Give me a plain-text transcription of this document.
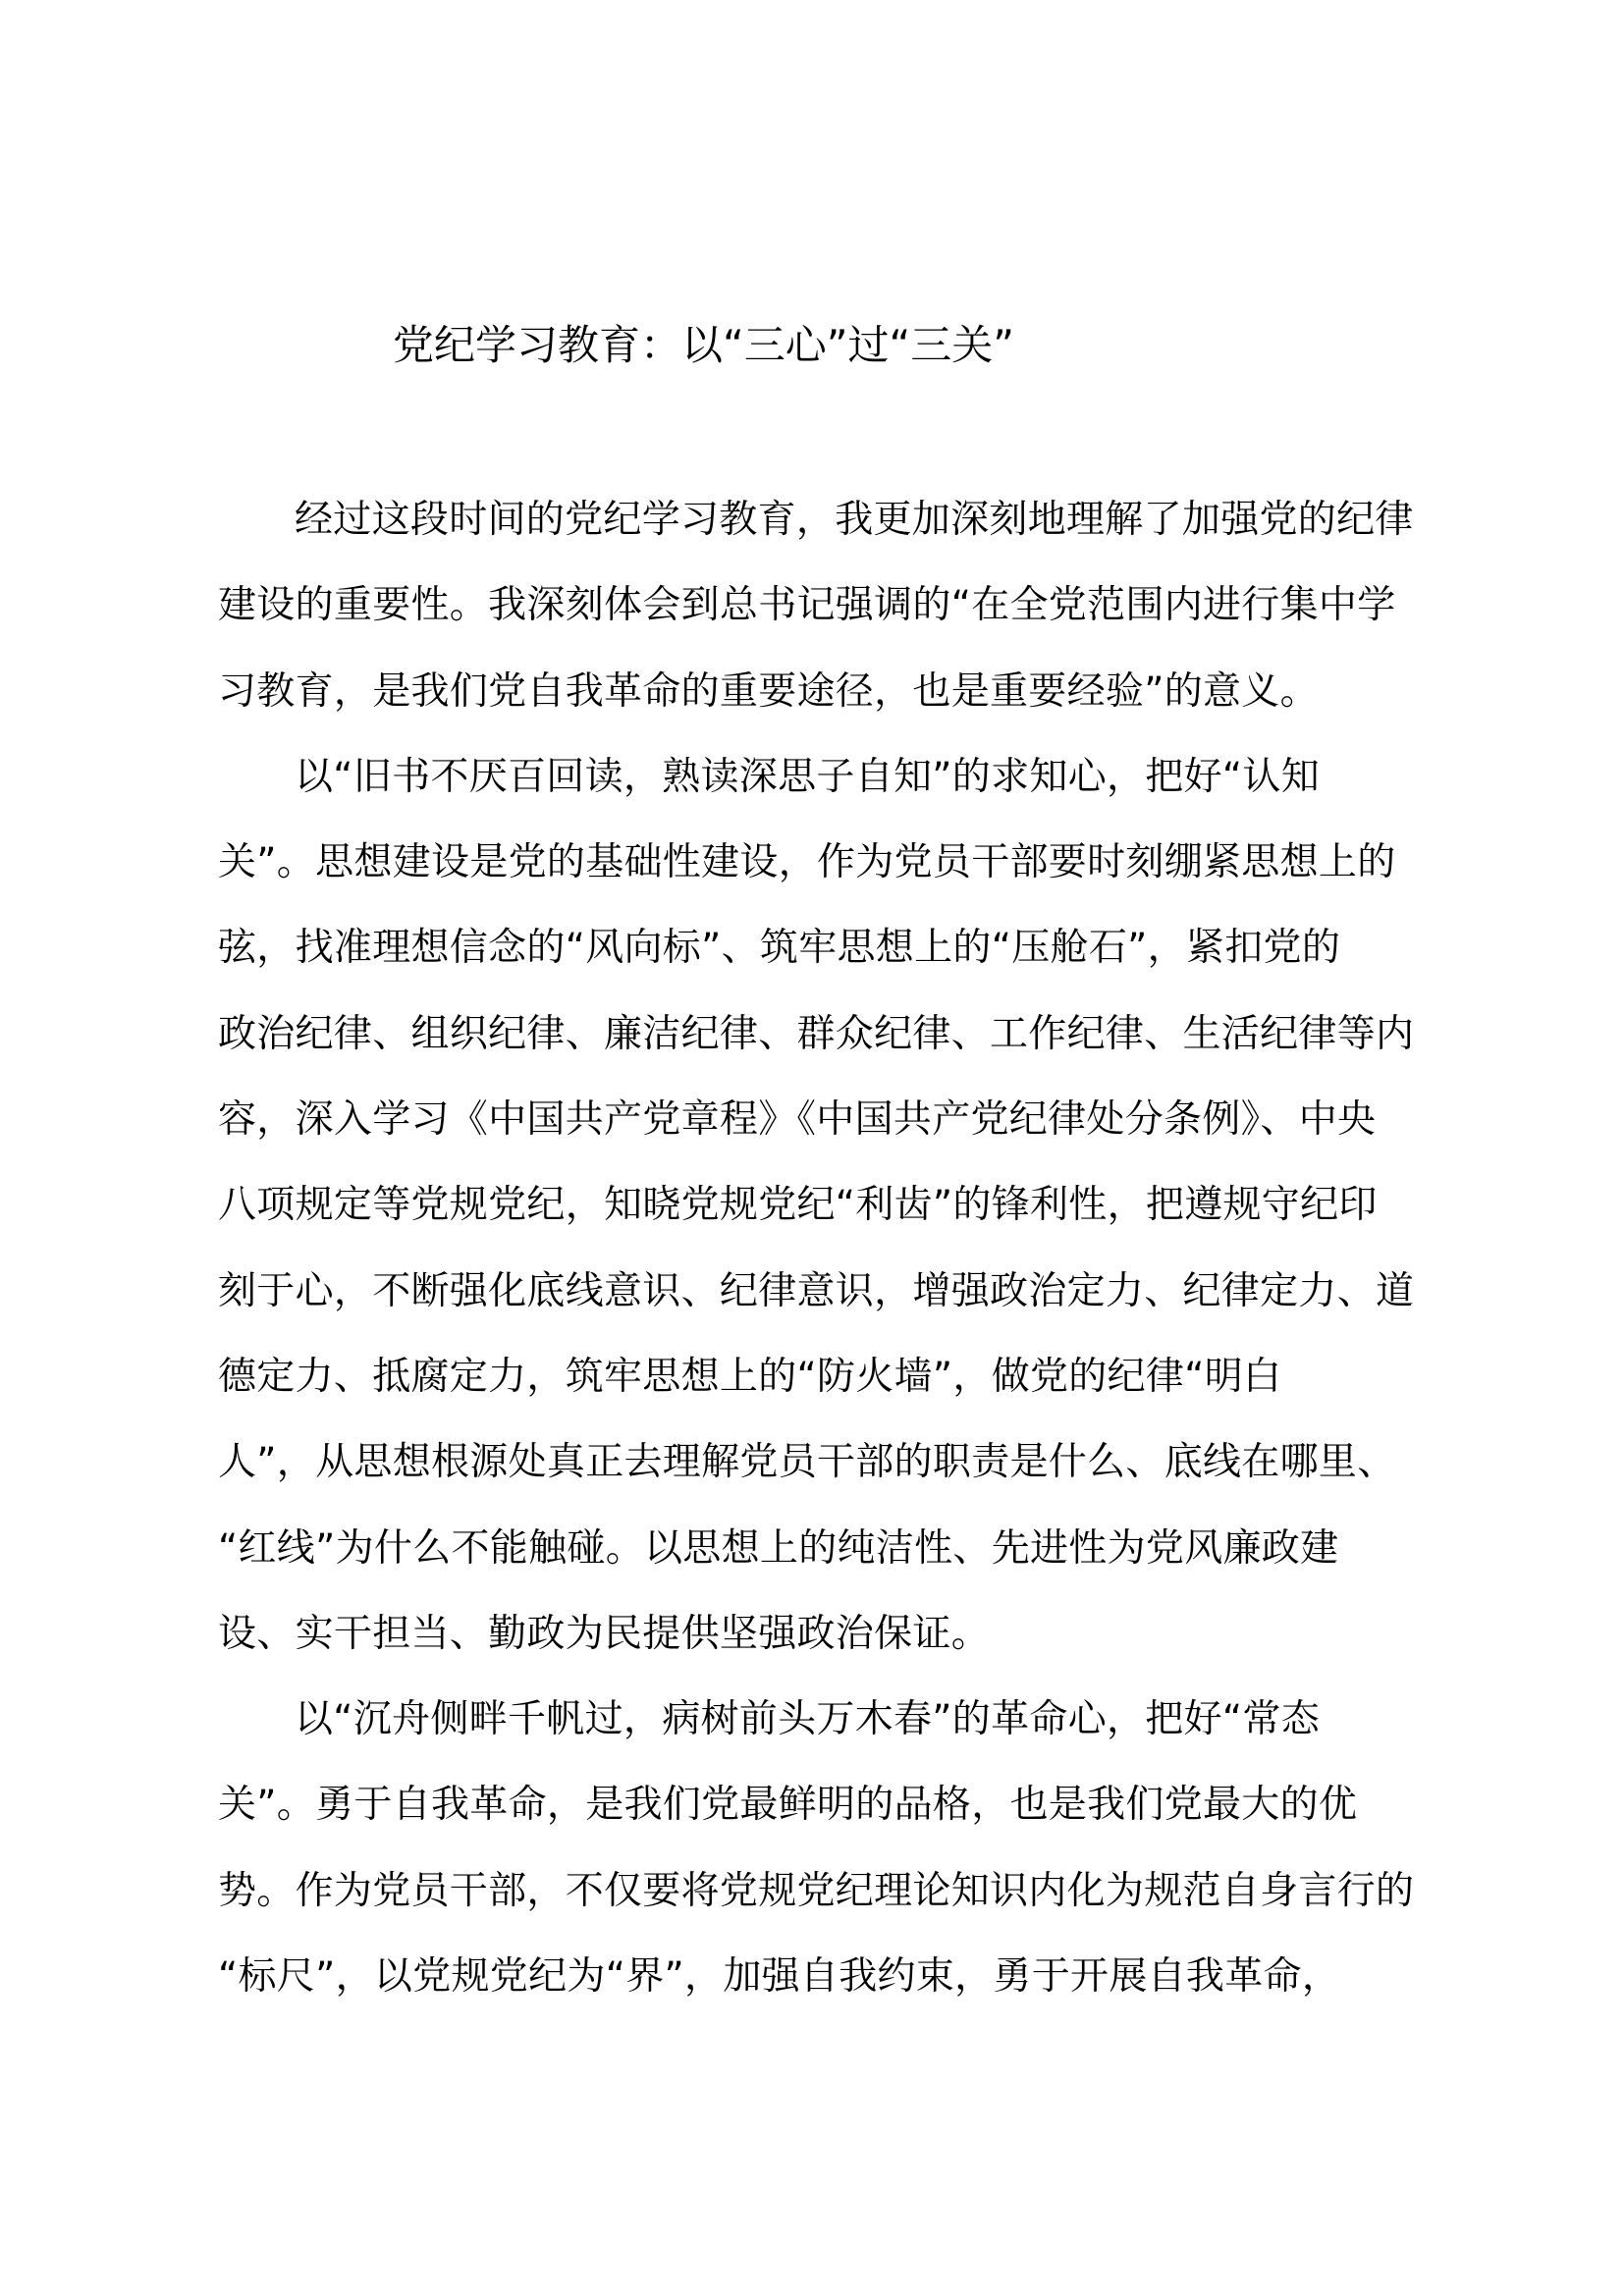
党纪学习教育：以“三心”过“三关”
经过这段时间的党纪学习教育，我更加深刻地理解了加强党的纪律
建设的重要性。我深刻体会到总书记强调的“在全党范围内进行集中学
习教育，是我们党自我革命的重要途径，也是重要经验”的意义。
以“旧书不厌百回读，熟读深思子自知”的求知心，把好“认知
关”。思想建设是党的基础性建设，作为党员干部要时刻绷紧思想上的
弦，找准理想信念的“风向标”、筑牢思想上的“压舱石”，紧扣党的
政治纪律、组织纪律、廉洁纪律、群众纪律、工作纪律、生活纪律等内
容，深入学习《中国共产党章程》《中国共产党纪律处分条例》、中央
八项规定等党规党纪，知晓党规党纪“利齿”的锋利性，把遵规守纪印
刻于心，不断强化底线意识、纪律意识，增强政治定力、纪律定力、道
德定力、抵腐定力，筑牢思想上的“防火墙”，做党的纪律“明白
人”，从思想根源处真正去理解党员干部的职责是什么、底线在哪里、
“红线”为什么不能触碰。以思想上的纯洁性、先进性为党风廉政建
设、实干担当、勤政为民提供坚强政治保证。
以“沉舟侧畔千帆过，病树前头万木春”的革命心，把好“常态
关”。勇于自我革命，是我们党最鲜明的品格，也是我们党最大的优
势。作为党员干部，不仅要将党规党纪理论知识内化为规范自身言行的
“标尺”，以党规党纪为“界”，加强自我约束，勇于开展自我革命，
